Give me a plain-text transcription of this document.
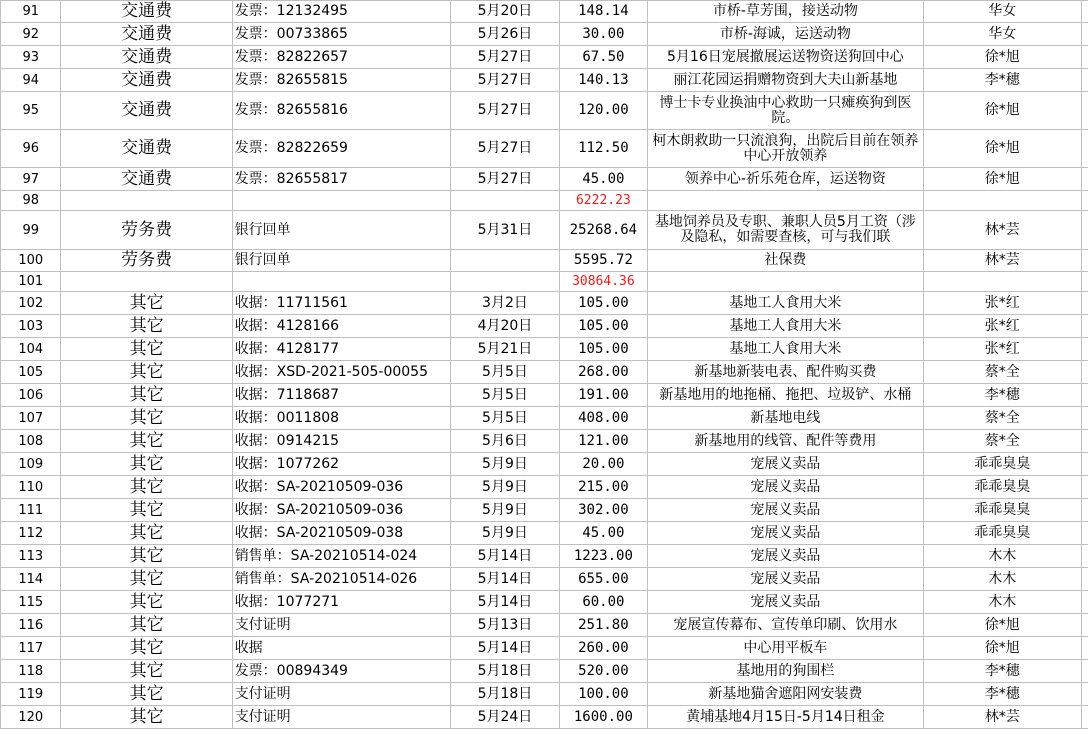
91	交通费	发票：12132495	5月20日	148.14	市桥-草芳围，接送动物	华女	
92	交通费	发票：00733865	5月26日	30.00	市桥-海诚，运送动物	华女	
93	交通费	发票：82822657	5月27日	67.50	5月16日宠展撤展运送物资送狗回中心	徐*旭	
94	交通费	发票：82655815	5月27日	140.13	丽江花园运捐赠物资到大夫山新基地	李*穗	
95	交通费	发票：82655816	5月27日	120.00	博士卡专业换油中心救助一只瘫痪狗到医院。	徐*旭	
96	交通费	发票：82822659	5月27日	112.50	柯木朗救助一只流浪狗，出院后目前在领养中心开放领养	徐*旭	
97	交通费	发票：82655817	5月27日	45.00	领养中心-祈乐苑仓库，运送物资	徐*旭	
98				6222.23			
99	劳务费	银行回单	5月31日	25268.64	基地饲养员及专职、兼职人员5月工资（涉及隐私，如需要查核，可与我们联	林*芸	
100	劳务费	银行回单		5595.72	社保费	林*芸	
101				30864.36			
102	其它	收据：11711561	3月2日	105.00	基地工人食用大米	张*红	
103	其它	收据：4128166	4月20日	105.00	基地工人食用大米	张*红	
104	其它	收据：4128177	5月21日	105.00	基地工人食用大米	张*红	
105	其它	收据：XSD-2021-505-00055	5月5日	268.00	新基地新装电表、配件购买费	蔡*全	
106	其它	收据：7118687	5月5日	191.00	新基地用的地拖桶、拖把、垃圾铲、水桶	李*穗	
107	其它	收据：0011808	5月5日	408.00	新基地电线	蔡*全	
108	其它	收据：0914215	5月6日	121.00	新基地用的线管、配件等费用	蔡*全	
109	其它	收据：1077262	5月9日	20.00	宠展义卖品	乖乖臭臭	
110	其它	收据：SA-20210509-036	5月9日	215.00	宠展义卖品	乖乖臭臭	
111	其它	收据：SA-20210509-036	5月9日	302.00	宠展义卖品	乖乖臭臭	
112	其它	收据：SA-20210509-038	5月9日	45.00	宠展义卖品	乖乖臭臭	
113	其它	销售单：SA-20210514-024	5月14日	1223.00	宠展义卖品	木木	
114	其它	销售单：SA-20210514-026	5月14日	655.00	宠展义卖品	木木	
115	其它	收据：1077271	5月14日	60.00	宠展义卖品	木木	
116	其它	支付证明	5月13日	251.80	宠展宣传幕布、宣传单印刷、饮用水	徐*旭	
117	其它	收据	5月14日	260.00	中心用平板车	徐*旭	
118	其它	发票：00894349	5月18日	520.00	基地用的狗围栏	李*穗	
119	其它	支付证明	5月18日	100.00	新基地猫舍遮阳网安装费	李*穗	
120	其它	支付证明	5月24日	1600.00	黄埔基地4月15日-5月14日租金	林*芸	
